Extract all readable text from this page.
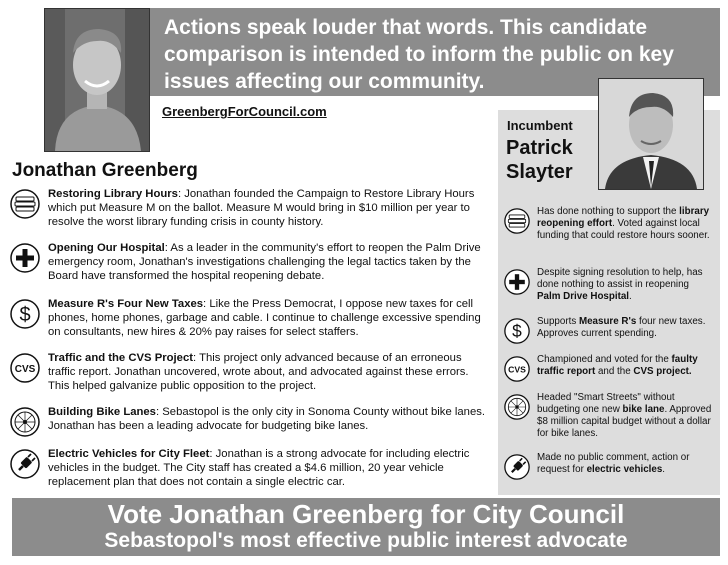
Actions speak louder that words. This candidate comparison is intended to inform the public on key issues affecting our community.

GreenbergForCouncil.com
Jonathan Greenberg
Incumbent
Patrick
Slayter
Restoring Library Hours: Jonathan founded the Campaign to Restore Library Hours which put Measure M on the ballot. Measure M would bring in $10 million per year to resolve the worst library funding crisis in county history.
Opening Our Hospital: As a leader in the community's effort to reopen the Palm Drive emergency room, Jonathan's investigations challenging the legal tactics taken by the Board have transformed the hospital reopening debate.
$ Measure R's Four New Taxes: Like the Press Democrat, I oppose new taxes for cell phones, home phones, garbage and cable. I continue to challenge excessive spending on consultants, new hires & 20% pay raises for select staffers.
CVS
Traffic and the CVS Project: This project only advanced because of an erroneous traffic report. Jonathan uncovered, wrote about, and advocated against these errors. This helped galvanize public opposition to the project.
Building Bike Lanes: Sebastopol is the only city in Sonoma County without bike lanes. Jonathan has been a leading advocate for budgeting bike lanes.
Electric Vehicles for City Fleet: Jonathan is a strong advocate for including electric vehicles in the budget. The City staff has created a $4.6 million, 20 year vehicle replacement plan that does not contain a single electric car.
Has done nothing to support the library reopening effort. Voted against local funding that could restore hours sooner.
Despite signing resolution to help, has done nothing to assist in reopening Palm Drive Hospital.
$ Supports Measure R's four new taxes. Approves current spending.
CVS
Championed and voted for the faulty traffic report and the CVS project.
Headed "Smart Streets" without budgeting one new bike lane. Approved $8 million capital budget without a dollar for bike lanes.
Made no public comment, action or request for electric vehicles.
Vote Jonathan Greenberg for City Council
Sebastopol's most effective public interest advocate
